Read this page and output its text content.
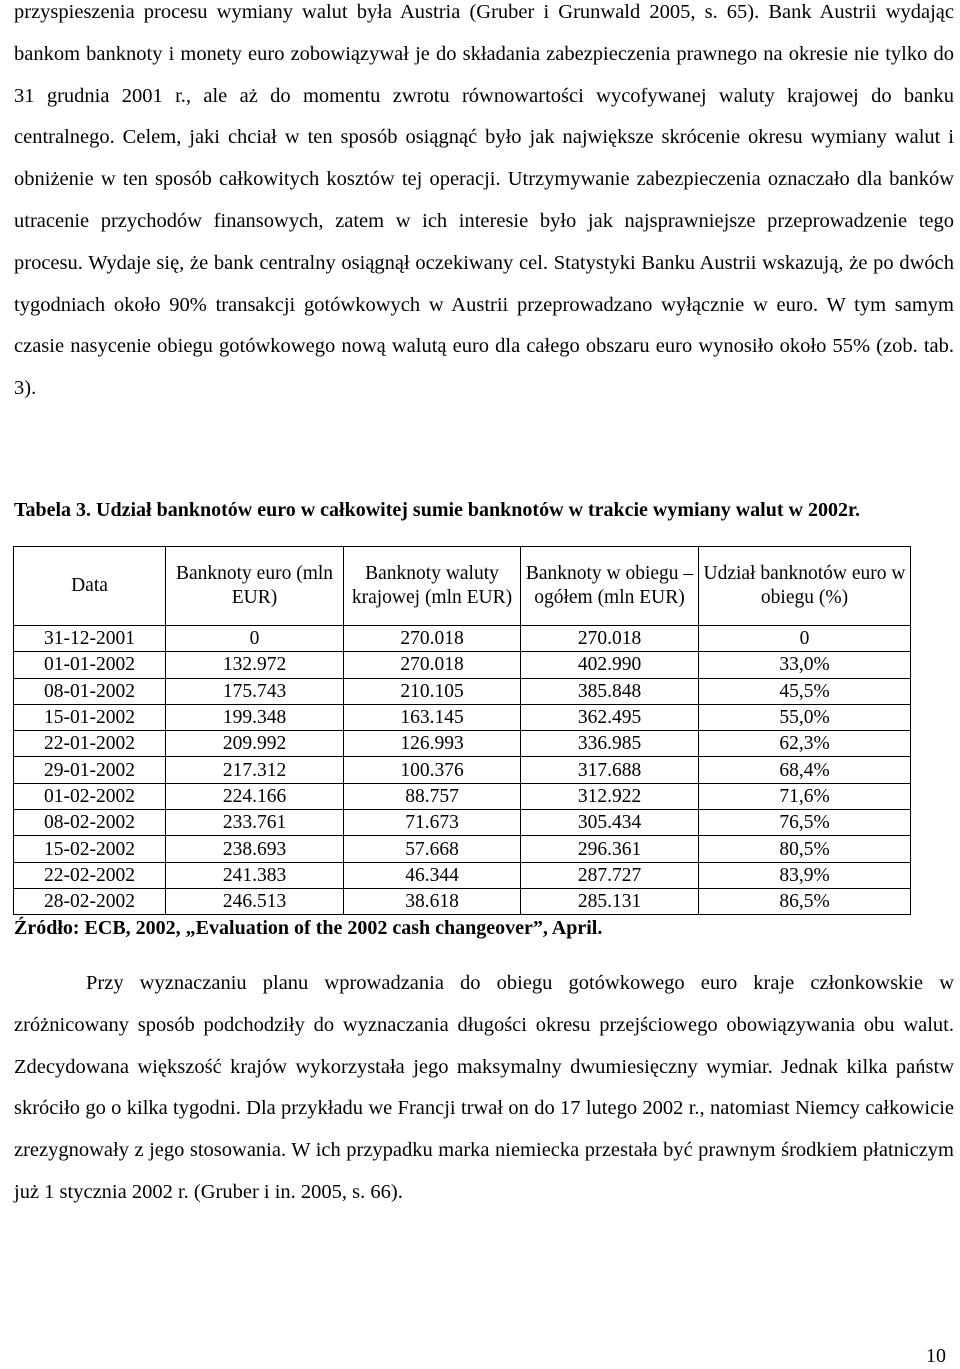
przyspieszenia procesu wymiany walut była Austria (Gruber i Grunwald 2005, s. 65). Bank Austrii wydając bankom banknoty i monety euro zobowiązywał je do składania zabezpieczenia prawnego na okresie nie tylko do 31 grudnia 2001 r., ale aż do momentu zwrotu równowartości wycofywanej waluty krajowej do banku centralnego. Celem, jaki chciał w ten sposób osiągnąć było jak największe skrócenie okresu wymiany walut i obniżenie w ten sposób całkowitych kosztów tej operacji. Utrzymywanie zabezpieczenia oznaczało dla banków utracenie przychodów finansowych, zatem w ich interesie było jak najsprawniejsze przeprowadzenie tego procesu. Wydaje się, że bank centralny osiągnął oczekiwany cel. Statystyki Banku Austrii wskazują, że po dwóch tygodniach około 90% transakcji gotówkowych w Austrii przeprowadzano wyłącznie w euro. W tym samym czasie nasycenie obiegu gotówkowego nową walutą euro dla całego obszaru euro wynosiło około 55% (zob. tab. 3).

Tabela 3. Udział banknotów euro w całkowitej sumie banknotów w trakcie wymiany walut w 2002r.

Data	Banknoty euro (mln EUR)	Banknoty waluty krajowej (mln EUR)	Banknoty w obiegu – ogółem (mln EUR)	Udział banknotów euro w obiegu (%)
31-12-2001	0	270.018	270.018	0
01-01-2002	132.972	270.018	402.990	33,0%
08-01-2002	175.743	210.105	385.848	45,5%
15-01-2002	199.348	163.145	362.495	55,0%
22-01-2002	209.992	126.993	336.985	62,3%
29-01-2002	217.312	100.376	317.688	68,4%
01-02-2002	224.166	88.757	312.922	71,6%
08-02-2002	233.761	71.673	305.434	76,5%
15-02-2002	238.693	57.668	296.361	80,5%
22-02-2002	241.383	46.344	287.727	83,9%
28-02-2002	246.513	38.618	285.131	86,5%

Źródło: ECB, 2002, „Evaluation of the 2002 cash changeover”, April.

Przy wyznaczaniu planu wprowadzania do obiegu gotówkowego euro kraje członkowskie w zróżnicowany sposób podchodziły do wyznaczania długości okresu przejściowego obowiązywania obu walut. Zdecydowana większość krajów wykorzystała jego maksymalny dwumiesięczny wymiar. Jednak kilka państw skróciło go o kilka tygodni. Dla przykładu we Francji trwał on do 17 lutego 2002 r., natomiast Niemcy całkowicie zrezygnowały z jego stosowania. W ich przypadku marka niemiecka przestała być prawnym środkiem płatniczym już 1 stycznia 2002 r. (Gruber i in. 2005, s. 66).

10
